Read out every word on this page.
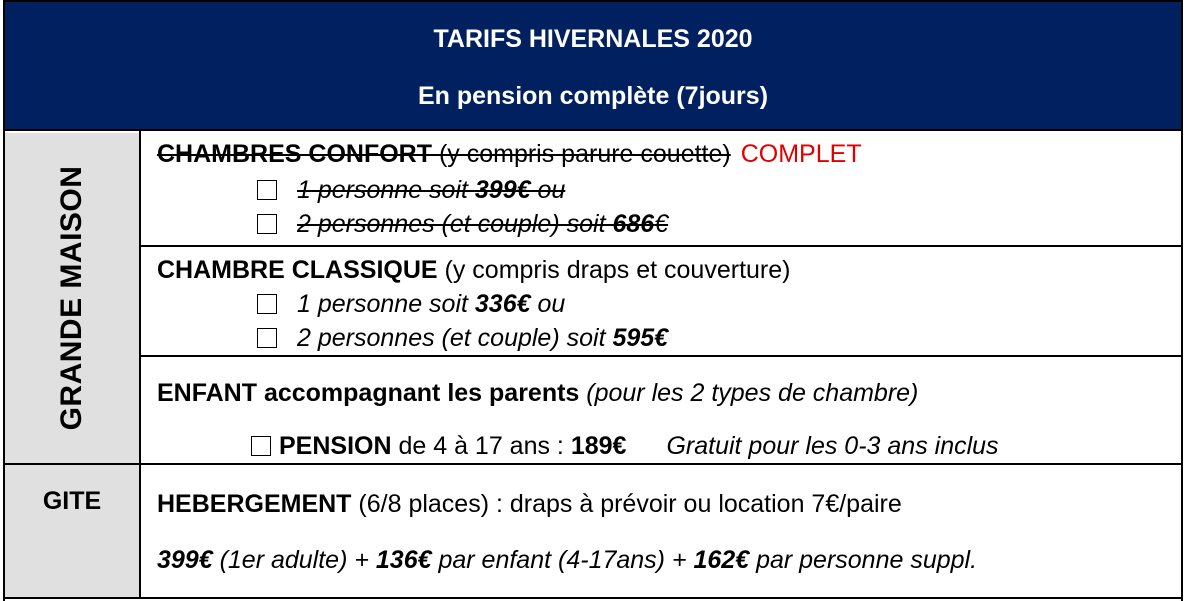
TARIFS HIVERNALES 2020
En pension complète (7jours)
GRANDE MAISON
GITE
CHAMBRES CONFORT (y compris parure couette) COMPLET
1 personne soit 399€ ou
2 personnes (et couple) soit 686€
CHAMBRE CLASSIQUE (y compris draps et couverture)
1 personne soit 336€ ou
2 personnes (et couple) soit 595€
ENFANT accompagnant les parents (pour les 2 types de chambre)
PENSION de 4 à 17 ans : 189€ Gratuit pour les 0-3 ans inclus
HEBERGEMENT (6/8 places) : draps à prévoir ou location 7€/paire
399€ (1er adulte) + 136€ par enfant (4-17ans) + 162€ par personne suppl.
